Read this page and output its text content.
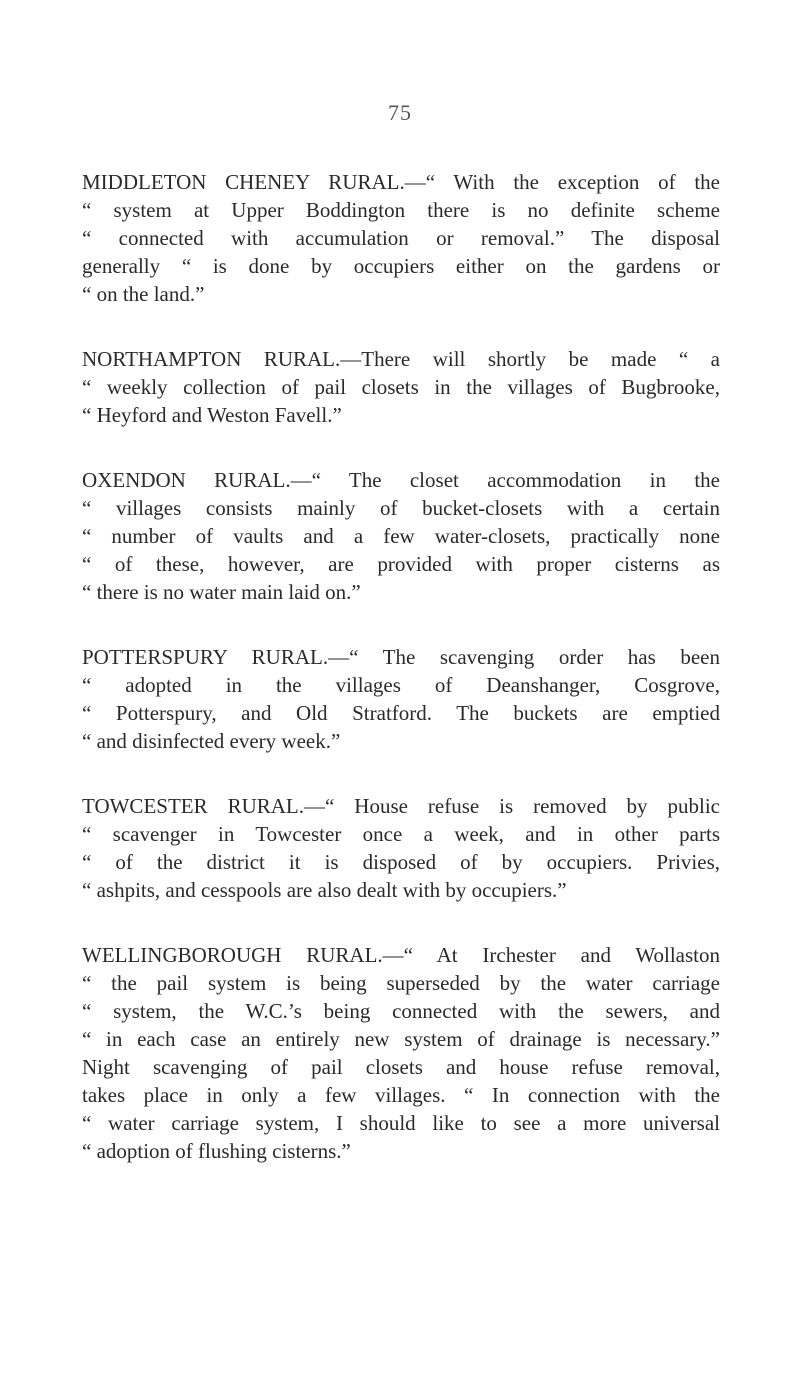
75
MIDDLETON CHENEY RURAL.—“ With the exception of the
“ system at Upper Boddington there is no definite scheme
“ connected with accumulation or removal.” The disposal
generally “ is done by occupiers either on the gardens or
“ on the land.”
NORTHAMPTON RURAL.—There will shortly be made “ a
“ weekly collection of pail closets in the villages of Bugbrooke,
“ Heyford and Weston Favell.”
OXENDON RURAL.—“ The closet accommodation in the
“ villages consists mainly of bucket-closets with a certain
“ number of vaults and a few water-closets, practically none
“ of these, however, are provided with proper cisterns as
“ there is no water main laid on.”
POTTERSPURY RURAL.—“ The scavenging order has been
“ adopted in the villages of Deanshanger, Cosgrove,
“ Potterspury, and Old Stratford. The buckets are emptied
“ and disinfected every week.”
TOWCESTER RURAL.—“ House refuse is removed by public
“ scavenger in Towcester once a week, and in other parts
“ of the district it is disposed of by occupiers. Privies,
“ ashpits, and cesspools are also dealt with by occupiers.”
WELLINGBOROUGH RURAL.—“ At Irchester and Wollaston
“ the pail system is being superseded by the water carriage
“ system, the W.C.’s being connected with the sewers, and
“ in each case an entirely new system of drainage is necessary.”
Night scavenging of pail closets and house refuse removal,
takes place in only a few villages. “ In connection with the
“ water carriage system, I should like to see a more universal
“ adoption of flushing cisterns.”
